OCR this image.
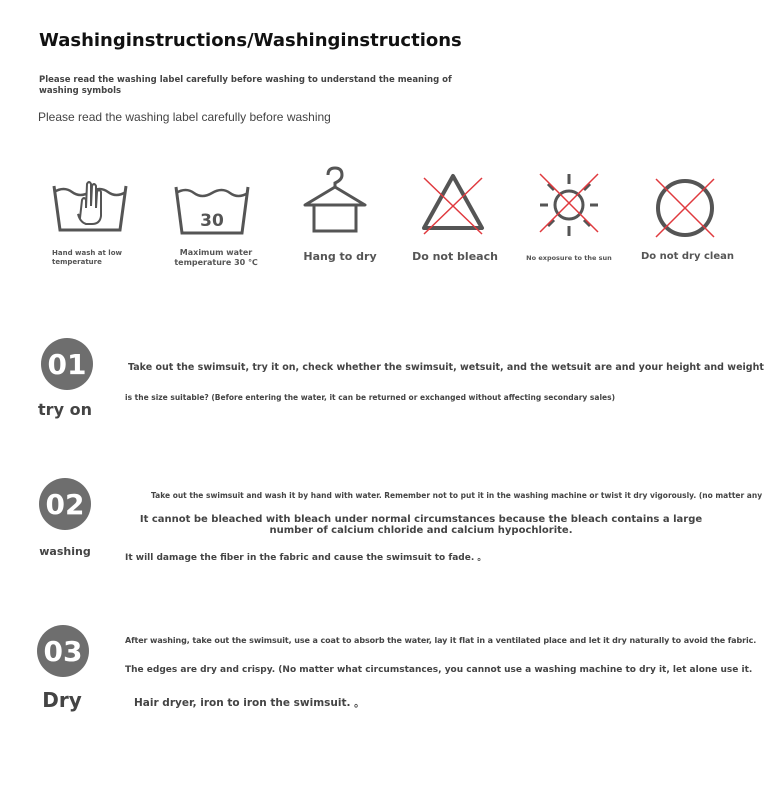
Washinginstructions/Washinginstructions
Please read the washing label carefully before washing to understand the meaning of washing symbols
Please read the washing label carefully before washing
Hand wash at low temperature
30
Maximum water temperature 30 ℃	Hang to dry	Do not bleach	No exposure to the sun	Do not dry clean
01
try on
Take out the swimsuit, try it on, check whether the swimsuit, wetsuit, and the wetsuit are and your height and weight
is the size suitable? (Before entering the water, it can be returned or exchanged without affecting secondary sales)
02
washing
Take out the swimsuit and wash it by hand with water. Remember not to put it in the washing machine or twist it dry vigorously. (no matter any
It cannot be bleached with bleach under normal circumstances because the bleach contains a large number of calcium chloride and calcium hypochlorite.
It will damage the fiber in the fabric and cause the swimsuit to fade. 。
03
Dry
After washing, take out the swimsuit, use a coat to absorb the water, lay it flat in a ventilated place and let it dry naturally to avoid the fabric.
The edges are dry and crispy. (No matter what circumstances, you cannot use a washing machine to dry it, let alone use it.
Hair dryer, iron to iron the swimsuit. 。
